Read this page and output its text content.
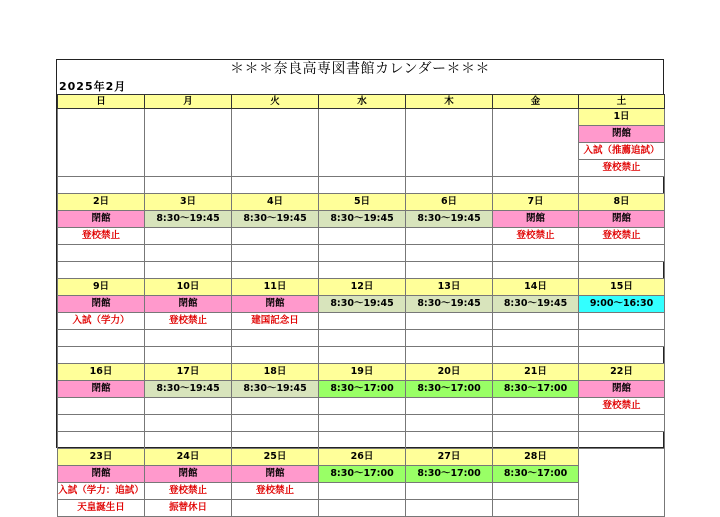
＊＊＊奈良高専図書館カレンダー＊＊＊
2025年2月
日	月	火	水	木	金	土
						1日
						閉館
						入試（推薦追試）
						登校禁止

2日	3日	4日	5日	6日	7日	8日
閉館	8:30～19:45	8:30～19:45	8:30～19:45	8:30～19:45	閉館	閉館
登校禁止					登校禁止	登校禁止

9日	10日	11日	12日	13日	14日	15日
閉館	閉館	閉館	8:30～19:45	8:30～19:45	8:30～19:45	9:00～16:30
入試（学力）	登校禁止	建国記念日				

16日	17日	18日	19日	20日	21日	22日
閉館	8:30～19:45	8:30～19:45	8:30～17:00	8:30～17:00	8:30～17:00	閉館
						登校禁止

23日	24日	25日	26日	27日	28日	
閉館	閉館	閉館	8:30～17:00	8:30～17:00	8:30～17:00	
入試（学力：追試）	登校禁止	登校禁止				
天皇誕生日	振替休日					
